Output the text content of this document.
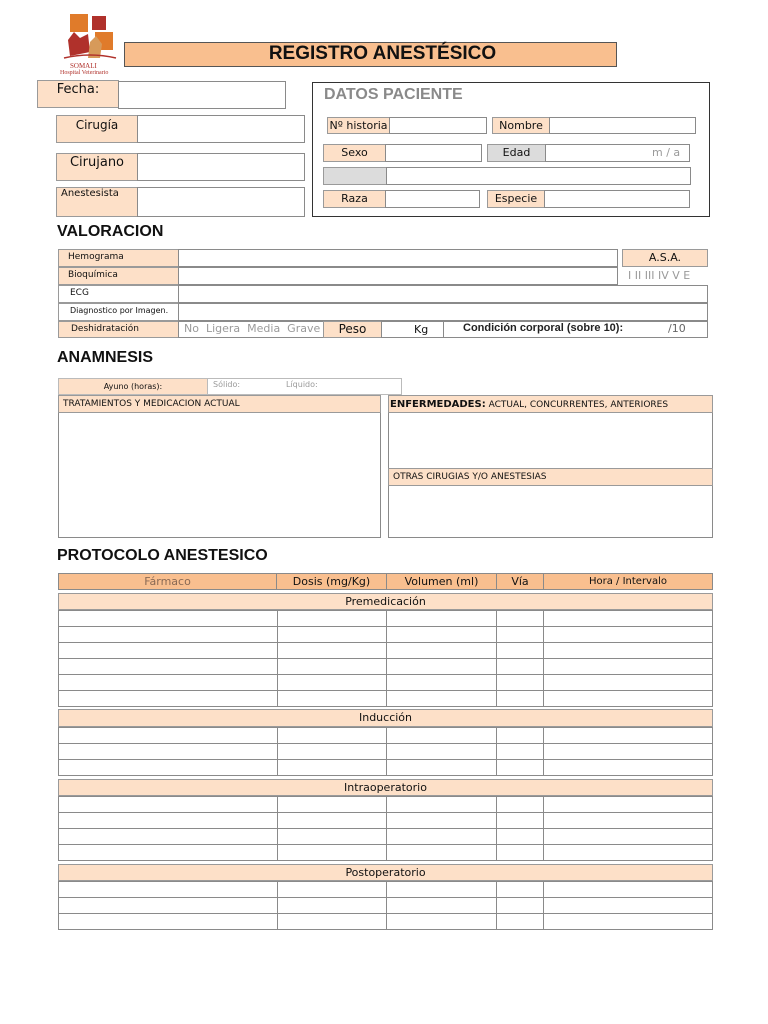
SOMALI
Hospital Veterinario
REGISTRO ANESTÉSICO
Fecha:
Cirugía
Cirujano
Anestesista
DATOS PACIENTE
Nº historia	Nombre
Sexo	Edad	m / a
Raza	Especie
VALORACION
Hemograma
Bioquímica
A.S.A.
I II III IV V E
ECG
Diagnostico por Imagen.
Deshidratación	No  Ligera  Media  Grave	Peso	Kg	Condición corporal (sobre 10):	/10
ANAMNESIS
Ayuno (horas):	Sólido:	Líquido:
TRATAMIENTOS Y MEDICACION ACTUAL	ENFERMEDADES: ACTUAL, CONCURRENTES, ANTERIORES
OTRAS CIRUGIAS Y/O ANESTESIAS
PROTOCOLO ANESTESICO
Fármaco	Dosis (mg/Kg)	Volumen (ml)	Vía	Hora / Intervalo
Premedicación

Inducción

Intraoperatorio

Postoperatorio
